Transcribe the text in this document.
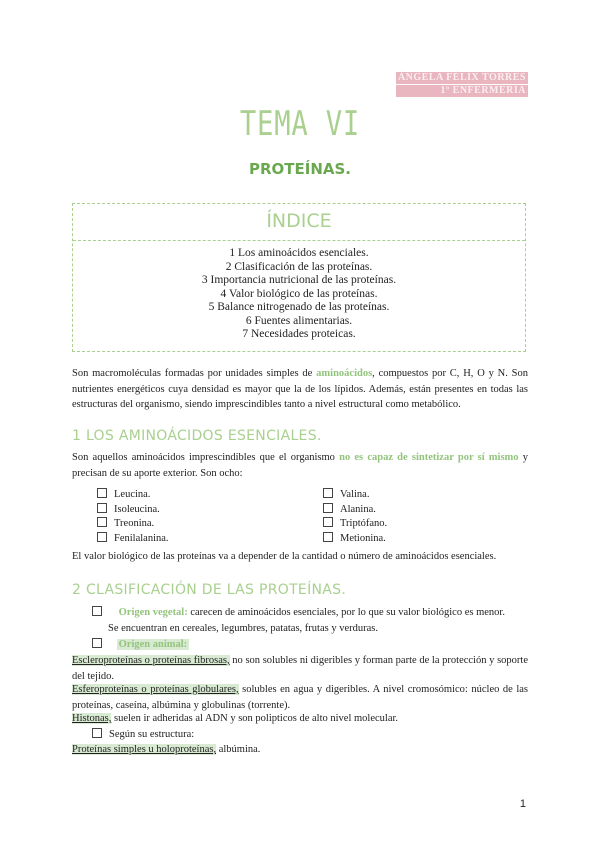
ÁNGELA FÉLIX TORRES
1º ENFERMERÍA
TEMA VI
PROTEÍNAS.
ÍNDICE
1 Los aminoácidos esenciales.
2 Clasificación de las proteínas.
3 Importancia nutricional de las proteínas.
4 Valor biológico de las proteínas.
5 Balance nitrogenado de las proteínas.
6 Fuentes alimentarias.
7 Necesidades proteicas.
Son macromoléculas formadas por unidades simples de aminoácidos, compuestos por C, H, O y N. Son nutrientes energéticos cuya densidad es mayor que la de los lípidos. Además, están presentes en todas las estructuras del organismo, siendo imprescindibles tanto a nivel estructural como metabólico.
1 LOS AMINOÁCIDOS ESENCIALES.
Son aquellos aminoácidos imprescindibles que el organismo no es capaz de sintetizar por sí mismo y precisan de su aporte exterior. Son ocho:
Leucina.
Isoleucina.
Treonina.
Fenilalanina.
Valina.
Alanina.
Triptófano.
Metionina.
El valor biológico de las proteínas va a depender de la cantidad o número de aminoácidos esenciales.
2 CLASIFICACIÓN DE LAS PROTEÍNAS.
Origen vegetal: carecen de aminoácidos esenciales, por lo que su valor biológico es menor.
Se encuentran en cereales, legumbres, patatas, frutas y verduras.
Origen animal:
Escleroproteínas o proteínas fibrosas, no son solubles ni digeribles y forman parte de la protección y soporte del tejido.
Esferoproteínas o proteínas globulares, solubles en agua y digeribles. A nivel cromosómico: núcleo de las proteínas, caseína, albúmina y globulinas (torrente).
Histonas, suelen ir adheridas al ADN y son polipticos de alto nivel molecular.
Según su estructura:
Proteínas simples u holoproteínas, albúmina.
1
